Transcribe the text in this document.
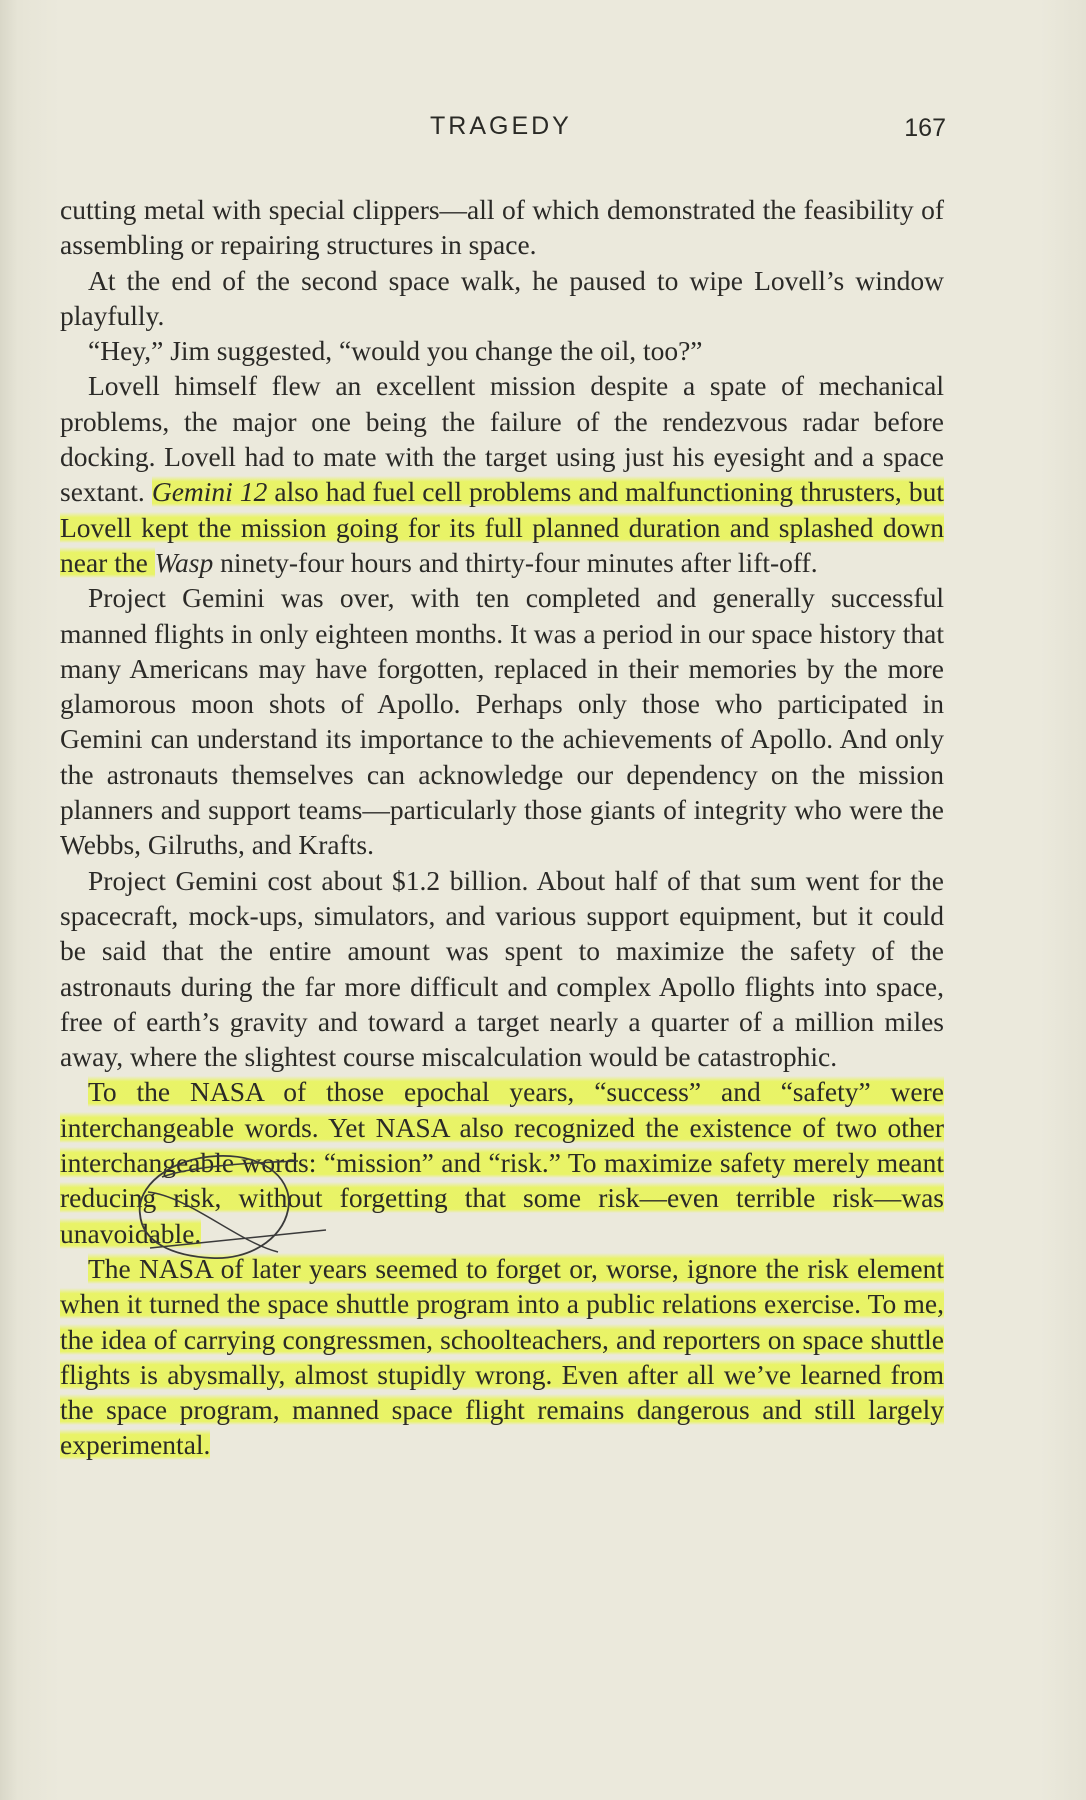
TRAGEDY	167

cutting metal with special clippers—all of which demonstrated the feasibility of assembling or repairing structures in space.

At the end of the second space walk, he paused to wipe Lovell’s window playfully.

“Hey,” Jim suggested, “would you change the oil, too?”

Lovell himself flew an excellent mission despite a spate of mechanical problems, the major one being the failure of the rendezvous radar before docking. Lovell had to mate with the target using just his eyesight and a space sextant. Gemini 12 also had fuel cell problems and malfunctioning thrusters, but Lovell kept the mission going for its full planned duration and splashed down near the Wasp ninety-four hours and thirty-four minutes after lift-off.

Project Gemini was over, with ten completed and generally successful manned flights in only eighteen months. It was a period in our space history that many Americans may have forgotten, replaced in their memories by the more glamorous moon shots of Apollo. Perhaps only those who participated in Gemini can understand its importance to the achievements of Apollo. And only the astronauts themselves can acknowledge our dependency on the mission planners and support teams—particularly those giants of integrity who were the Webbs, Gilruths, and Krafts.

Project Gemini cost about $1.2 billion. About half of that sum went for the spacecraft, mock-ups, simulators, and various support equipment, but it could be said that the entire amount was spent to maximize the safety of the astronauts during the far more difficult and complex Apollo flights into space, free of earth’s gravity and toward a target nearly a quarter of a million miles away, where the slightest course miscalculation would be catastrophic.

To the NASA of those epochal years, “success” and “safety” were interchangeable words. Yet NASA also recognized the existence of two other interchangeable words: “mission” and “risk.” To maximize safety merely meant reducing risk, without forgetting that some risk—even terrible risk—was unavoidable.

The NASA of later years seemed to forget or, worse, ignore the risk element when it turned the space shuttle program into a public relations exercise. To me, the idea of carrying congressmen, schoolteachers, and reporters on space shuttle flights is abysmally, almost stupidly wrong. Even after all we’ve learned from the space program, manned space flight remains dangerous and still largely experimental.
